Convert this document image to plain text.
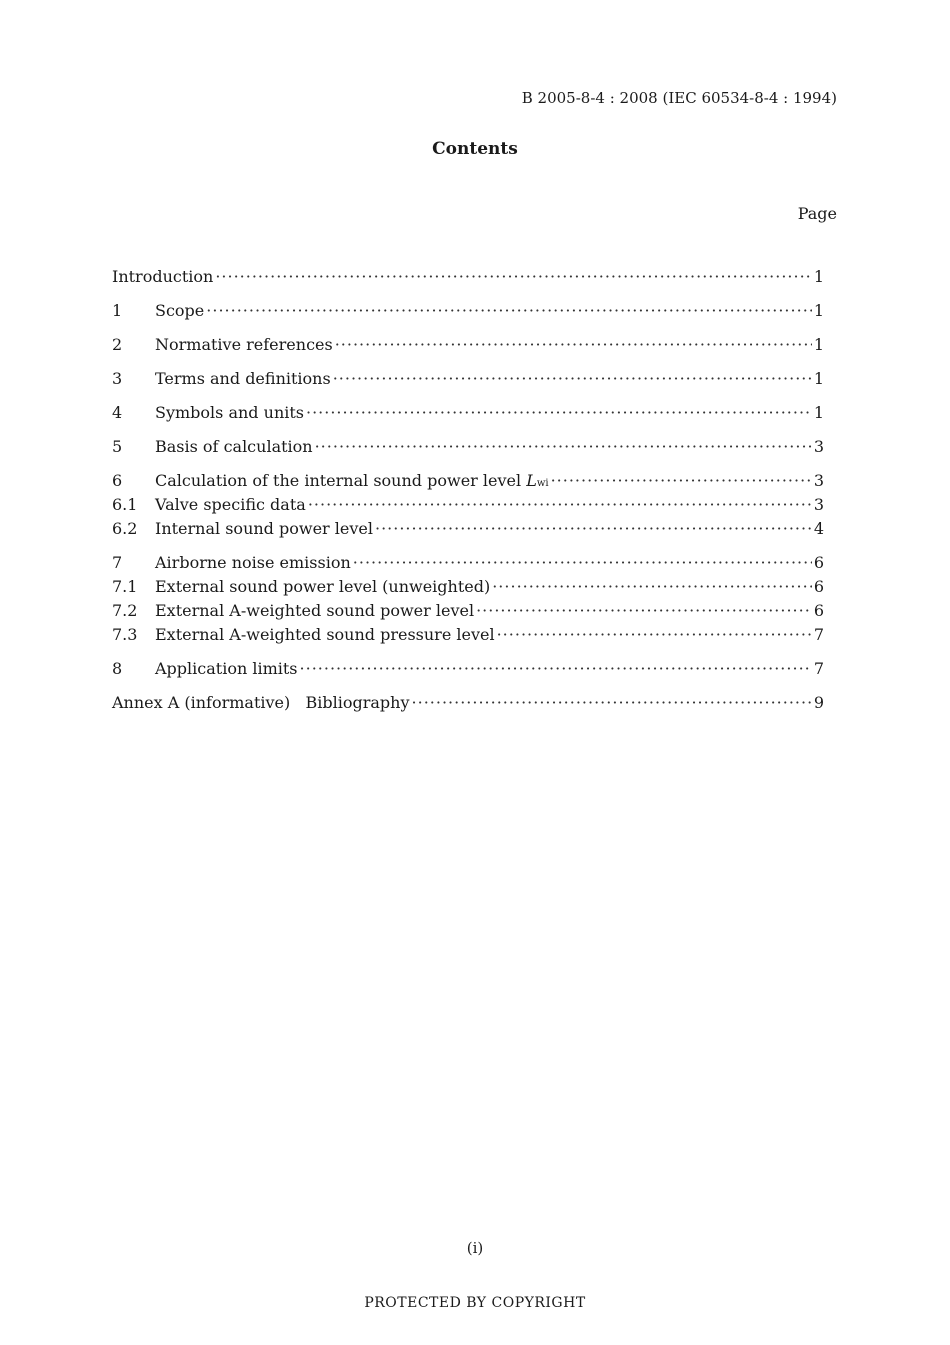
B 2005-8-4 : 2008 (IEC 60534-8-4 : 1994)
Contents
Page
Introduction ·····	1
1	Scope ·····	1
2	Normative references ·····	1
3	Terms and definitions ·····	1
4	Symbols and units ·····	1
5	Basis of calculation ·····	3
6	Calculation of the internal sound power level Lwi ·····	3
6.1	Valve specific data ·····	3
6.2	Internal sound power level ·····	4
7	Airborne noise emission ·····	6
7.1	External sound power level (unweighted) ·····	6
7.2	External A-weighted sound power level ·····	6
7.3	External A-weighted sound pressure level ·····	7
8	Application limits ·····	7
Annex A (informative)   Bibliography ·····	9
(i)
PROTECTED BY COPYRIGHT
